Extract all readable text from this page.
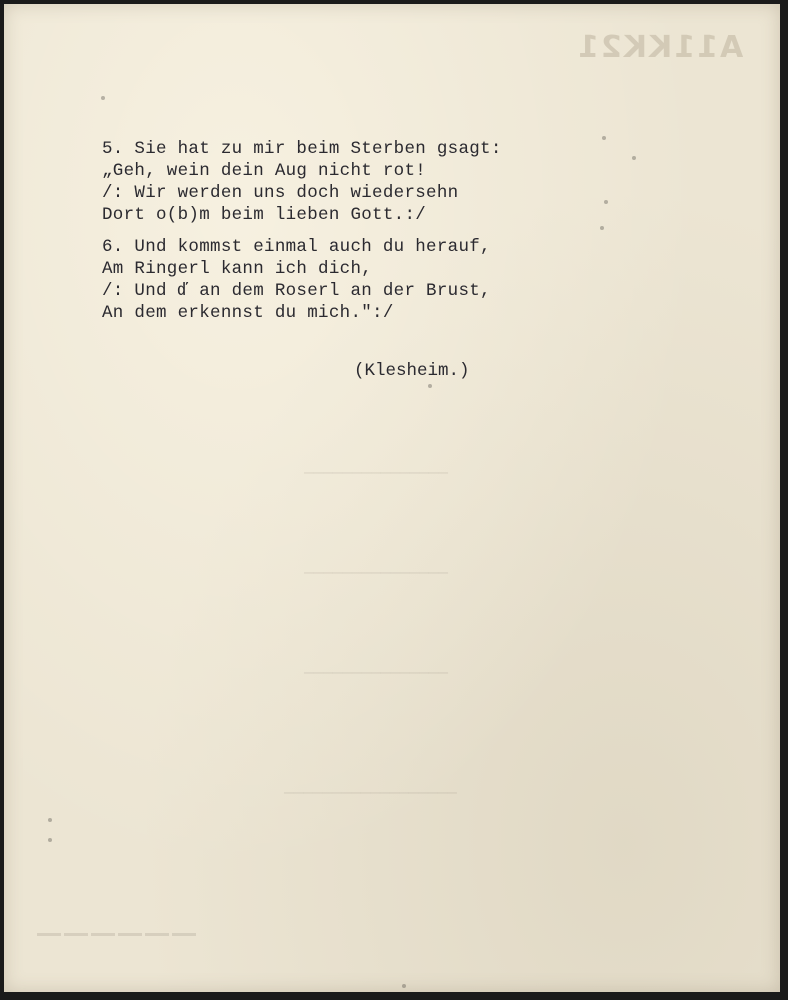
A11KK21
―――――――――――――――
―――――――――――――――
―――――――――――――――
――――――――――――――――――
――――――
5. Sie hat zu mir beim Sterben gsagt:
„Geh, wein dein Aug nicht rot!
/: Wir werden uns doch wiedersehn
Dort o(b)m beim lieben Gott.:/
6. Und kommst einmal auch du herauf,
Am Ringerl kann ich dich,
/: Und ď an dem Roserl an der Brust,
An dem erkennst du mich.":/
(Klesheim.)
